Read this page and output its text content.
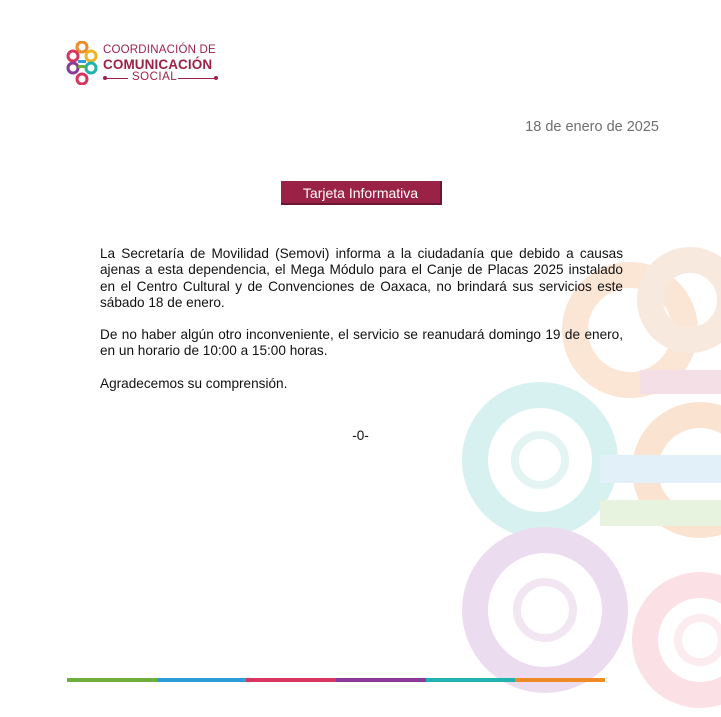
COORDINACIÓN DE
COMUNICACIÓN
SOCIAL
18 de enero de 2025
Tarjeta Informativa

La Secretaría de Movilidad (Semovi) informa a la ciudadanía que debido a causas ajenas a esta dependencia, el Mega Módulo para el Canje de Placas 2025 instalado en el Centro Cultural y de Convenciones de Oaxaca, no brindará sus servicios este sábado 18 de enero.

De no haber algún otro inconveniente, el servicio se reanudará domingo 19 de enero, en un horario de 10:00 a 15:00 horas.

Agradecemos su comprensión.

-0-
